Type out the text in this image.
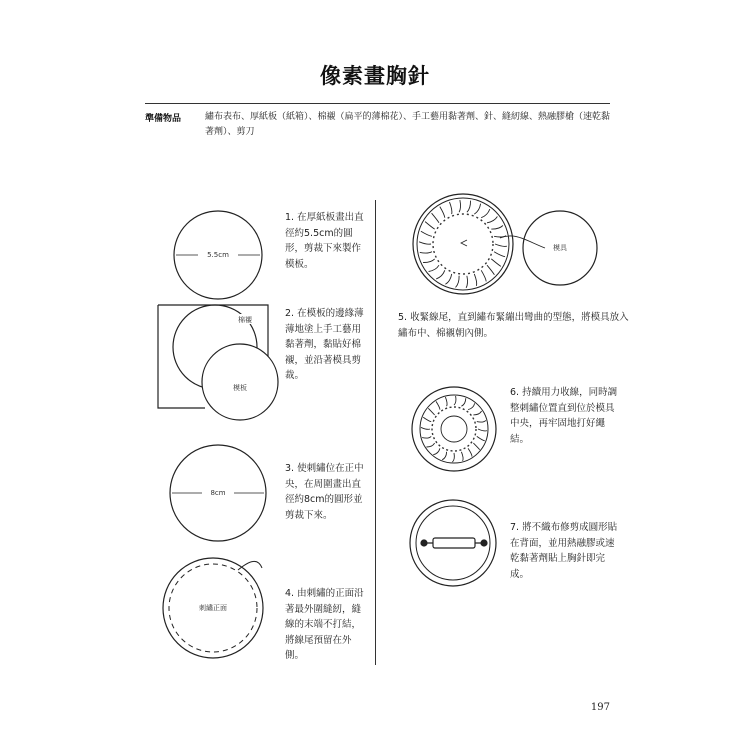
像素畫胸針
準備物品	繡布表布、厚紙板（紙箱）、棉襯（扁平的薄棉花）、手工藝用黏著劑、針、縫紉線、熱融膠槍（速乾黏著劑）、剪刀
5.5cm
棉襯
模板
8cm
刺繡正面
模具
1. 在厚紙板畫出直徑約5.5cm的圓形，剪裁下來製作模板。
2. 在模板的邊緣薄薄地塗上手工藝用黏著劑，黏貼好棉襯，並沿著模具剪裁。
3. 使刺繡位在正中央，在周圍畫出直徑約8cm的圓形並剪裁下來。
4. 由刺繡的正面沿著最外圍縫紉，縫線的末端不打結，將線尾預留在外側。
5. 收緊線尾，直到繡布緊繃出彎曲的型態，將模具放入繡布中、棉襯朝內側。
6. 持續用力收線，同時調整刺繡位置直到位於模具中央，再牢固地打好繩結。
7. 將不織布修剪成圓形貼在背面，並用熱融膠或速乾黏著劑貼上胸針即完成。
197
